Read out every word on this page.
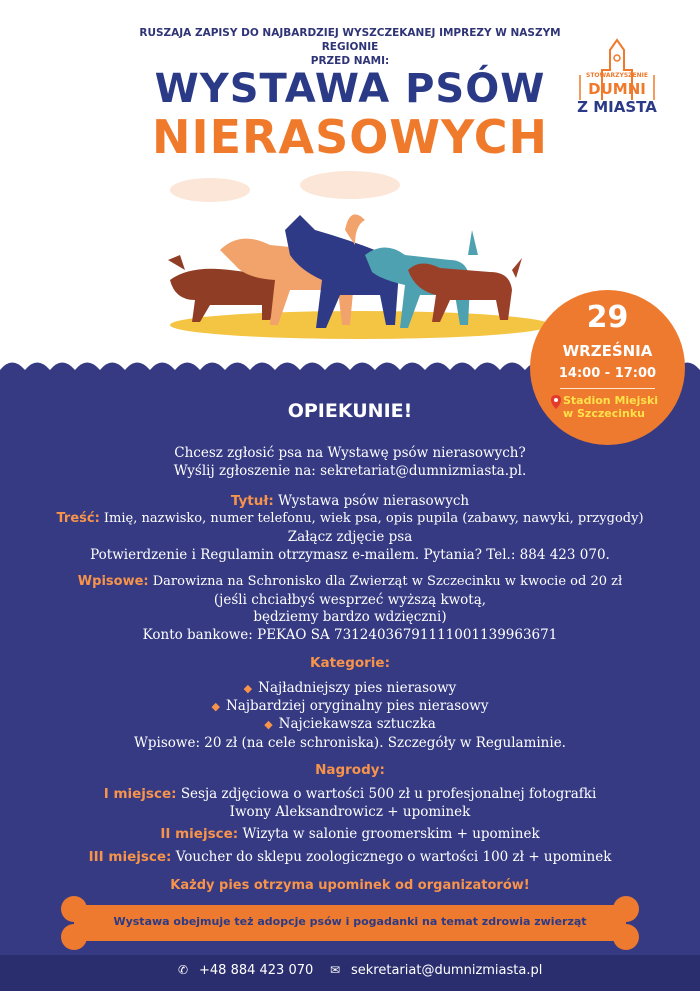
RUSZAJA ZAPISY DO NAJBARDZIEJ WYSZCZEKANEJ IMPREZY W NASZYM REGIONIE
PRZED NAMI:
WYSTAWA PSÓW
NIERASOWYCH
STOWARZYSZENIE
DUMNI
Z MIASTA
29
WRZEŚNIA
14:00 - 17:00
Stadion Miejski
w Szczecinku
OPIEKUNIE!
Chcesz zgłosić psa na Wystawę psów nierasowych?
Wyślij zgłoszenie na: sekretariat@dumnizmiasta.pl.
Tytuł: Wystawa psów nierasowych
Treść: Imię, nazwisko, numer telefonu, wiek psa, opis pupila (zabawy, nawyki, przygody)
Załącz zdjęcie psa
Potwierdzenie i Regulamin otrzymasz e-mailem. Pytania? Tel.: 884 423 070.
Wpisowe: Darowizna na Schronisko dla Zwierząt w Szczecinku w kwocie od 20 zł
(jeśli chciałbyś wesprzeć wyższą kwotą,
będziemy bardzo wdzięczni)
Konto bankowe: PEKAO SA 73124036791111001139963671
Kategorie:
◆ Najładniejszy pies nierasowy
◆ Najbardziej oryginalny pies nierasowy
◆ Najciekawsza sztuczka
Wpisowe: 20 zł (na cele schroniska). Szczegóły w Regulaminie.
Nagrody:
I miejsce: Sesja zdjęciowa o wartości 500 zł u profesjonalnej fotografki
Iwony Aleksandrowicz + upominek
II miejsce: Wizyta w salonie groomerskim + upominek
III miejsce: Voucher do sklepu zoologicznego o wartości 100 zł + upominek
Każdy pies otrzyma upominek od organizatorów!
Wystawa obejmuje też adopcje psów i pogadanki na temat zdrowia zwierząt
✆ +48 884 423 070 ✉ sekretariat@dumnizmiasta.pl
